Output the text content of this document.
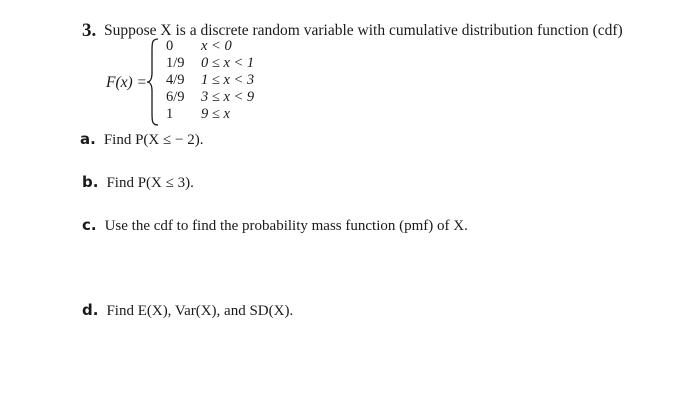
3. Suppose X is a discrete random variable with cumulative distribution function (cdf)
F(x) =
0 x < 0
1/9 0 ≤ x < 1
4/9 1 ≤ x < 3
6/9 3 ≤ x < 9
1 9 ≤ x
a. Find P(X ≤ − 2).
b. Find P(X ≤ 3).
c. Use the cdf to find the probability mass function (pmf) of X.
d. Find E(X), Var(X), and SD(X).
